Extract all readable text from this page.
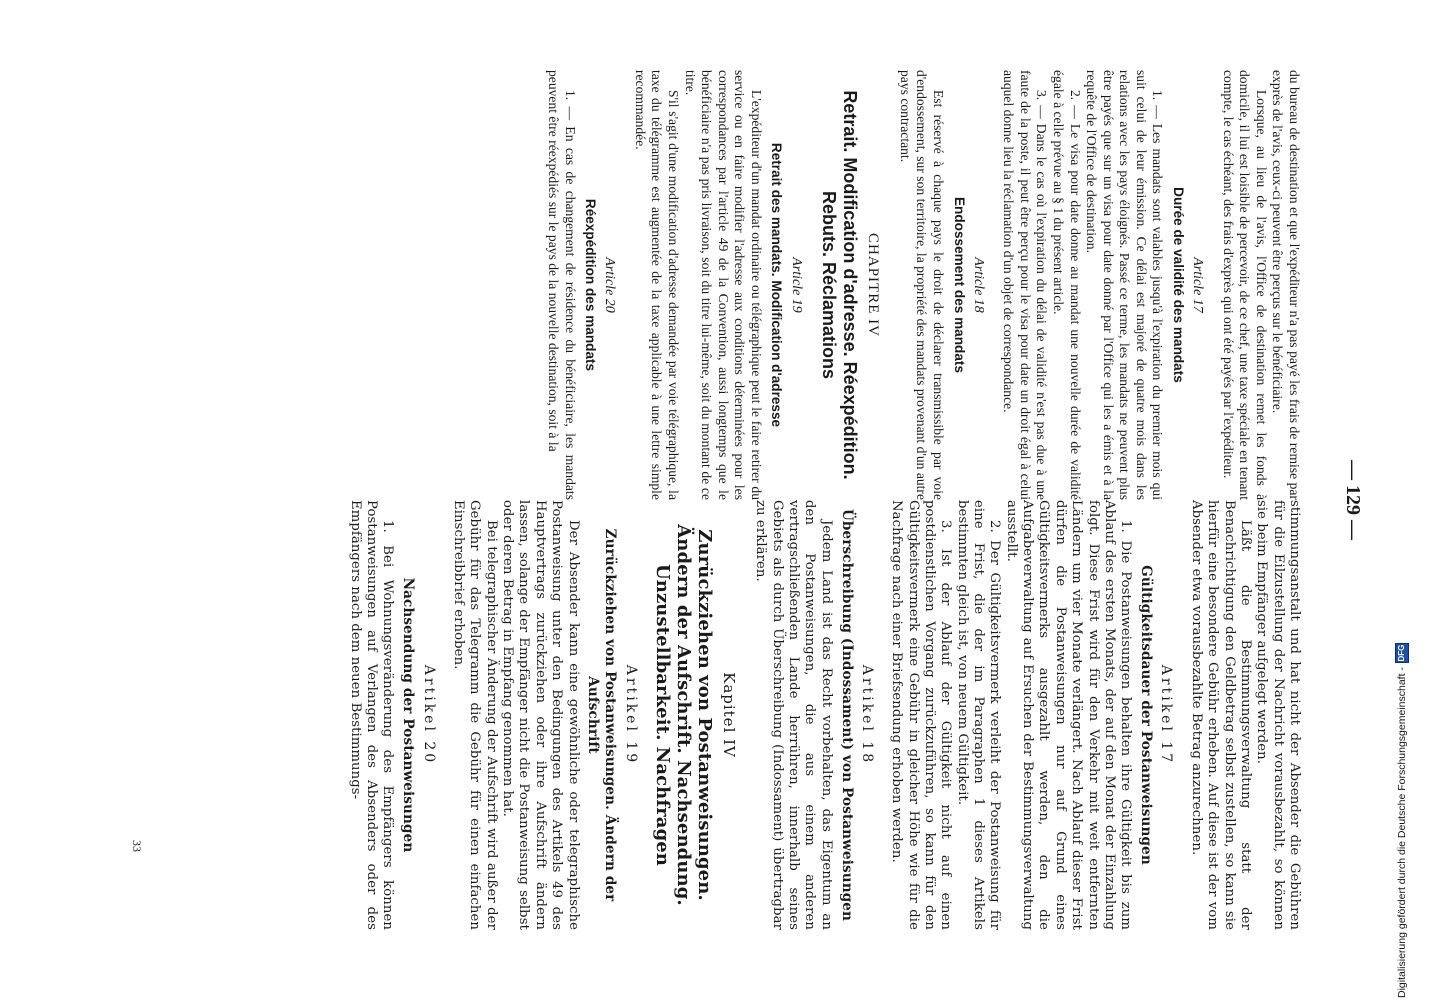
— 129 —

du bureau de destination et que l'expéditeur n'a pas payé les frais de remise par exprès de l'avis, ceux-ci peuvent être perçus sur le bénéficiaire.

Lorsque, au lieu de l'avis, l'Office de destination remet les fonds à domicile, il lui est loisible de percevoir, de ce chef, une taxe spéciale en tenant compte, le cas échéant, des frais d'exprès qui ont été payés par l'expéditeur.

Article 17
Durée de validité des mandats

1. — Les mandats sont valables jusqu'à l'expiration du premier mois qui suit celui de leur émission. Ce délai est majoré de quatre mois dans les relations avec les pays éloignés. Passé ce terme, les mandats ne peuvent plus être payés que sur un visa pour date donné par l'Office qui les a émis et à la requête de l'Office de destination.

2. — Le visa pour date donne au mandat une nouvelle durée de validité égale à celle prévue au § 1 du présent article.

3. — Dans le cas où l'expiration du délai de validité n'est pas due à une faute de la poste, il peut être perçu pour le visa pour date un droit égal à celui auquel donne lieu la réclamation d'un objet de correspondance.

Article 18
Endossement des mandats

Est réservé à chaque pays le droit de déclarer transmissible par voie d'endossement, sur son territoire, la propriété des mandats provenant d'un autre pays contractant.

CHAPITRE IV
Retrait. Modification d'adresse. Réexpédition. Rebuts. Réclamations
Article 19
Retrait des mandats. Modification d'adresse

L'expéditeur d'un mandat ordinaire ou télégraphique peut le faire retirer du service ou en faire modifier l'adresse aux conditions déterminées pour les correspondances par l'article 49 de la Convention, aussi longtemps que le bénéficiaire n'a pas pris livraison, soit du titre lui-même, soit du montant de ce titre.

S'il s'agit d'une modification d'adresse demandée par voie télégraphique, la taxe du télégramme est augmentée de la taxe applicable à une lettre simple recommandée.

Article 20
Réexpédition des mandats

1. — En cas de changement de résidence du bénéficiaire, les mandats peuvent être réexpédiés sur le pays de la nouvelle destination, soit à la

stimmungsanstalt und hat nicht der Absender die Gebühren für die Eilzustellung der Nachricht vorausbezahlt, so können sie beim Empfänger aufgelegt werden.

Läßt die Bestimmungsverwaltung statt der Benachrichtigung den Geldbetrag selbst zustellen, so kann sie hierfür eine besondere Gebühr erheben. Auf diese ist der vom Absender etwa vorausbezahlte Betrag anzurechnen.

Artikel 17
Gültigkeitsdauer der Postanweisungen

1. Die Postanweisungen behalten ihre Gültigkeit bis zum Ablauf des ersten Monats, der auf den Monat der Einzahlung folgt. Diese Frist wird für den Verkehr mit weit entfernten Ländern um vier Monate verlängert. Nach Ablauf dieser Frist dürfen die Postanweisungen nur auf Grund eines Gültigkeitsvermerks ausgezahlt werden, den die Aufgabeverwaltung auf Ersuchen der Bestimmungsverwaltung ausstellt.

2. Der Gültigkeitsvermerk verleiht der Postanweisung für eine Frist, die der im Paragraphen 1 dieses Artikels bestimmten gleich ist, von neuem Gültigkeit.

3. Ist der Ablauf der Gültigkeit nicht auf einen postdienstlichen Vorgang zurückzuführen, so kann für den Gültigkeitsvermerk eine Gebühr in gleicher Höhe wie für die Nachfrage nach einer Briefsendung erhoben werden.

Artikel 18
Überschreibung (Indossament) von Postanweisungen

Jedem Land ist das Recht vorbehalten, das Eigentum an den Postanweisungen, die aus einem anderen vertragschließenden Lande herrühren, innerhalb seines Gebiets als durch Überschreibung (Indossament) übertragbar zu erklären.

Kapitel IV
Zurückziehen von Postanweisungen. Ändern der Aufschrift. Nachsendung. Unzustellbarkeit. Nachfragen
Artikel 19
Zurückziehen von Postanweisungen. Ändern der Aufschrift

Der Absender kann eine gewöhnliche oder telegraphische Postanweisung unter den Bedingungen des Artikels 49 des Hauptvertrags zurückziehen oder ihre Aufschrift ändern lassen, solange der Empfänger nicht die Postanweisung selbst oder deren Betrag in Empfang genommen hat.

Bei telegraphischer Änderung der Aufschrift wird außer der Gebühr für das Telegramm die Gebühr für einen einfachen Einschreibbrief erhoben.

Artikel 20
Nachsendung der Postanweisungen

1. Bei Wohnungsveränderung des Empfängers können Postanweisungen auf Verlangen des Absenders oder des Empfängers nach dem neuen Bestimmungs-

33	Digitalisierung gefördert durch die Deutsche Forschungsgemeinschaft -
DFG
